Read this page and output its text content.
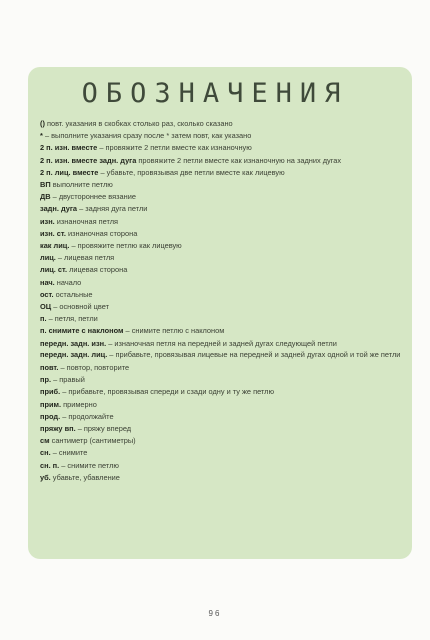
ОБОЗНАЧЕНИЯ
() повт. указания в скобках столько раз, сколько сказано
* – выполните указания сразу после * затем повт, как указано
2 п. изн. вместе – провяжите 2 петли вместе как изнаночную
2 п. изн. вместе задн. дуга провяжите 2 петли вместе как изнаночную на задних дугах
2 п. лиц. вместе – убавьте, провязывая две петли вместе как лицевую
ВП выполните петлю
ДВ – двустороннее вязание
задн. дуга – задняя дуга петли
изн. изнаночная петля
изн. ст. изнаночная сторона
как лиц. – провяжите петлю как лицевую
лиц. – лицевая петля
лиц. ст. лицевая сторона
нач. начало
ост. остальные
ОЦ – основной цвет
п. – петля, петли
п. снимите с наклоном – снимите петлю с наклоном
передн. задн. изн. – изнаночная петля на передней и задней дугах следующей петли
передн. задн. лиц. – прибавьте, провязывая лицевые на передней и задней дугах одной и той же петли
повт. – повтор, повторите
пр. – правый
приб. – прибавьте, провязывая спереди и сзади одну и ту же петлю
прим. примерно
прод. – продолжайте
пряжу вп. – пряжу вперед
см сантиметр (сантиметры)
сн. – снимите
сн. п. – снимите петлю
уб. убавьте, убавление
96
